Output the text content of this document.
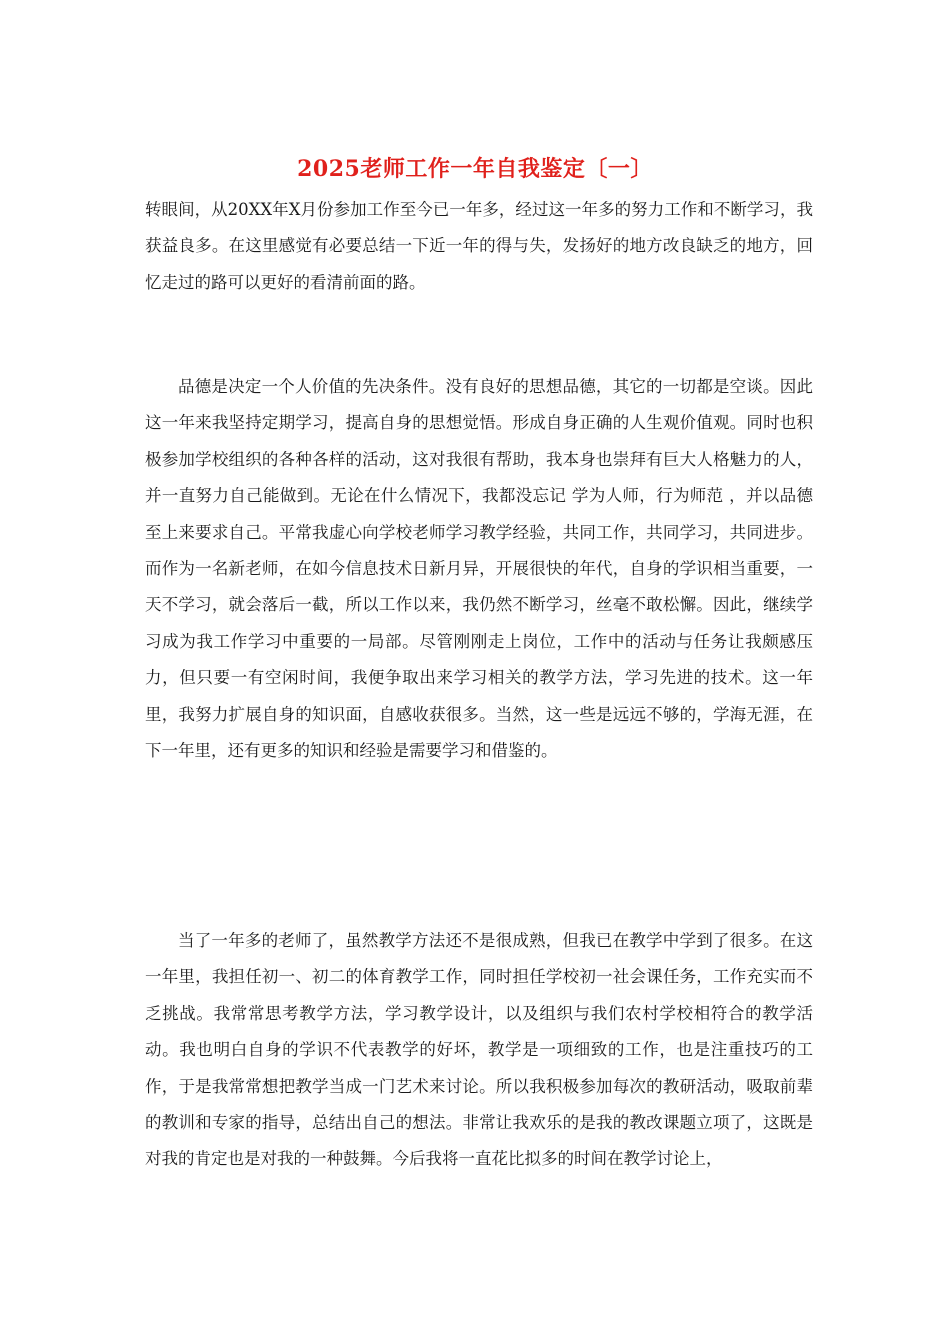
2025老师工作一年自我鉴定〔一〕

转眼间，从20XX年X月份参加工作至今已一年多，经过这一年多的努力工作和不断学习，我获益良多。在这里感觉有必要总结一下近一年的得与失，发扬好的地方改良缺乏的地方，回忆走过的路可以更好的看清前面的路。

品德是决定一个人价值的先决条件。没有良好的思想品德，其它的一切都是空谈。因此这一年来我坚持定期学习，提高自身的思想觉悟。形成自身正确的人生观价值观。同时也积极参加学校组织的各种各样的活动，这对我很有帮助，我本身也崇拜有巨大人格魅力的人，并一直努力自己能做到。无论在什么情况下，我都没忘记 学为人师，行为师范 ，并以品德至上来要求自己。平常我虚心向学校老师学习教学经验，共同工作，共同学习，共同进步。而作为一名新老师，在如今信息技术日新月异，开展很快的年代，自身的学识相当重要，一天不学习，就会落后一截，所以工作以来，我仍然不断学习，丝毫不敢松懈。因此，继续学习成为我工作学习中重要的一局部。尽管刚刚走上岗位，工作中的活动与任务让我颇感压力，但只要一有空闲时间，我便争取出来学习相关的教学方法，学习先进的技术。这一年里，我努力扩展自身的知识面，自感收获很多。当然，这一些是远远不够的，学海无涯，在下一年里，还有更多的知识和经验是需要学习和借鉴的。

当了一年多的老师了，虽然教学方法还不是很成熟，但我已在教学中学到了很多。在这一年里，我担任初一、初二的体育教学工作，同时担任学校初一社会课任务，工作充实而不乏挑战。我常常思考教学方法，学习教学设计，以及组织与我们农村学校相符合的教学活动。我也明白自身的学识不代表教学的好坏，教学是一项细致的工作，也是注重技巧的工作，于是我常常想把教学当成一门艺术来讨论。所以我积极参加每次的教研活动，吸取前辈的教训和专家的指导，总结出自己的想法。非常让我欢乐的是我的教改课题立项了，这既是对我的肯定也是对我的一种鼓舞。今后我将一直花比拟多的时间在教学讨论上，
